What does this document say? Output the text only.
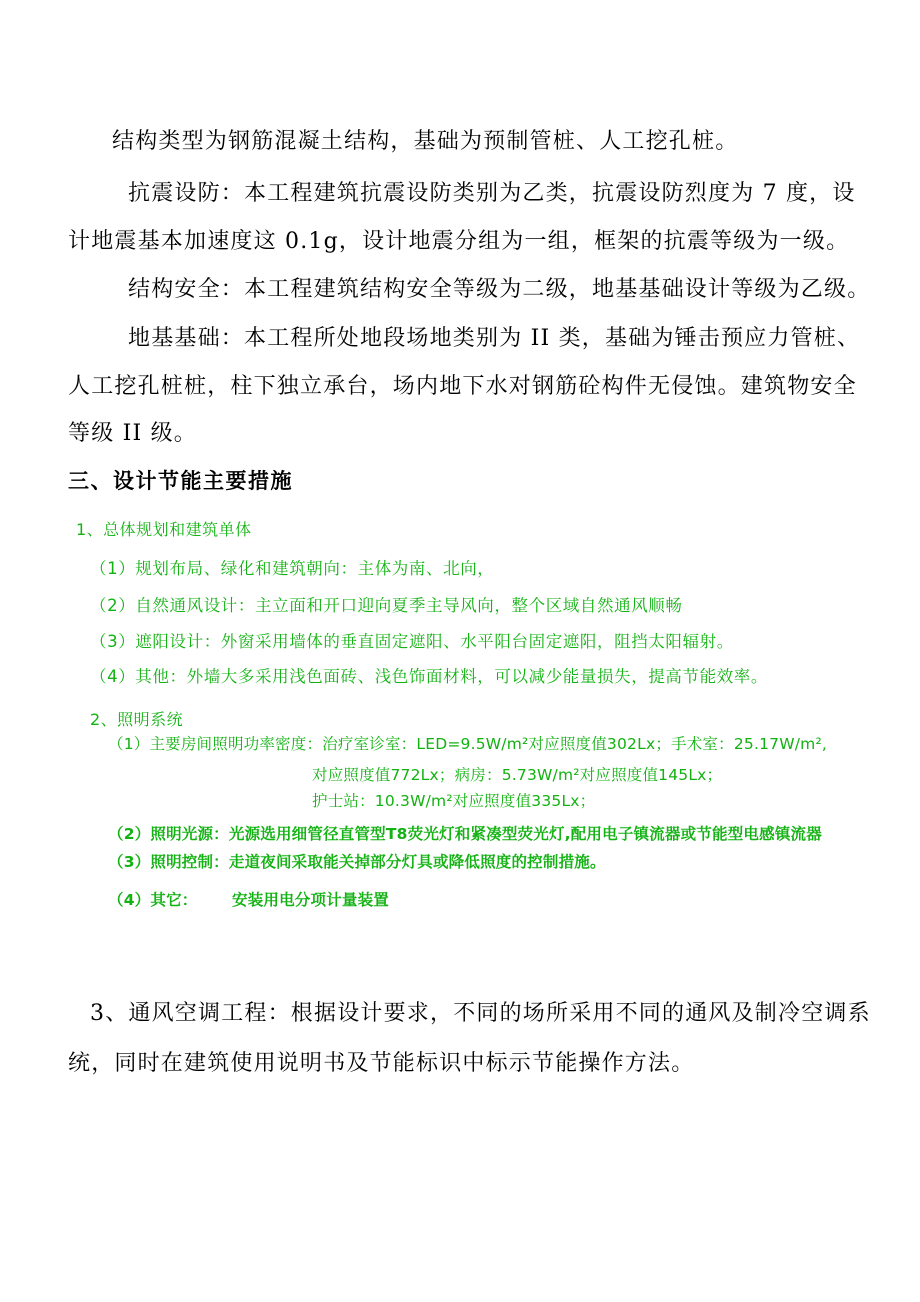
结构类型为钢筋混凝土结构，基础为预制管桩、人工挖孔桩。

抗震设防：本工程建筑抗震设防类别为乙类，抗震设防烈度为 7 度，设

计地震基本加速度这 0.1g，设计地震分组为一组，框架的抗震等级为一级。

结构安全：本工程建筑结构安全等级为二级，地基基础设计等级为乙级。

地基基础：本工程所处地段场地类别为 II 类，基础为锤击预应力管桩、

人工挖孔桩桩，柱下独立承台，场内地下水对钢筋砼构件无侵蚀。建筑物安全

等级 II 级。

三、设计节能主要措施

1、总体规划和建筑单体

（1）规划布局、绿化和建筑朝向：主体为南、北向，

（2）自然通风设计：主立面和开口迎向夏季主导风向，整个区域自然通风顺畅

（3）遮阳设计：外窗采用墙体的垂直固定遮阳、水平阳台固定遮阳，阻挡太阳辐射。

（4）其他：外墙大多采用浅色面砖、浅色饰面材料，可以减少能量损失，提高节能效率。

2、照明系统

（1）主要房间照明功率密度：治疗室诊室：LED=9.5W/m²对应照度值302Lx；手术室：25.17W/m²,

对应照度值772Lx；病房：5.73W/m²对应照度值145Lx；

护士站：10.3W/m²对应照度值335Lx；

（2）照明光源：光源选用细管径直管型T8荧光灯和紧凑型荧光灯,配用电子镇流器或节能型电感镇流器

（3）照明控制：走道夜间采取能关掉部分灯具或降低照度的控制措施。

（4）其它： 安装用电分项计量装置

3、通风空调工程：根据设计要求，不同的场所采用不同的通风及制冷空调系

统，同时在建筑使用说明书及节能标识中标示节能操作方法。
